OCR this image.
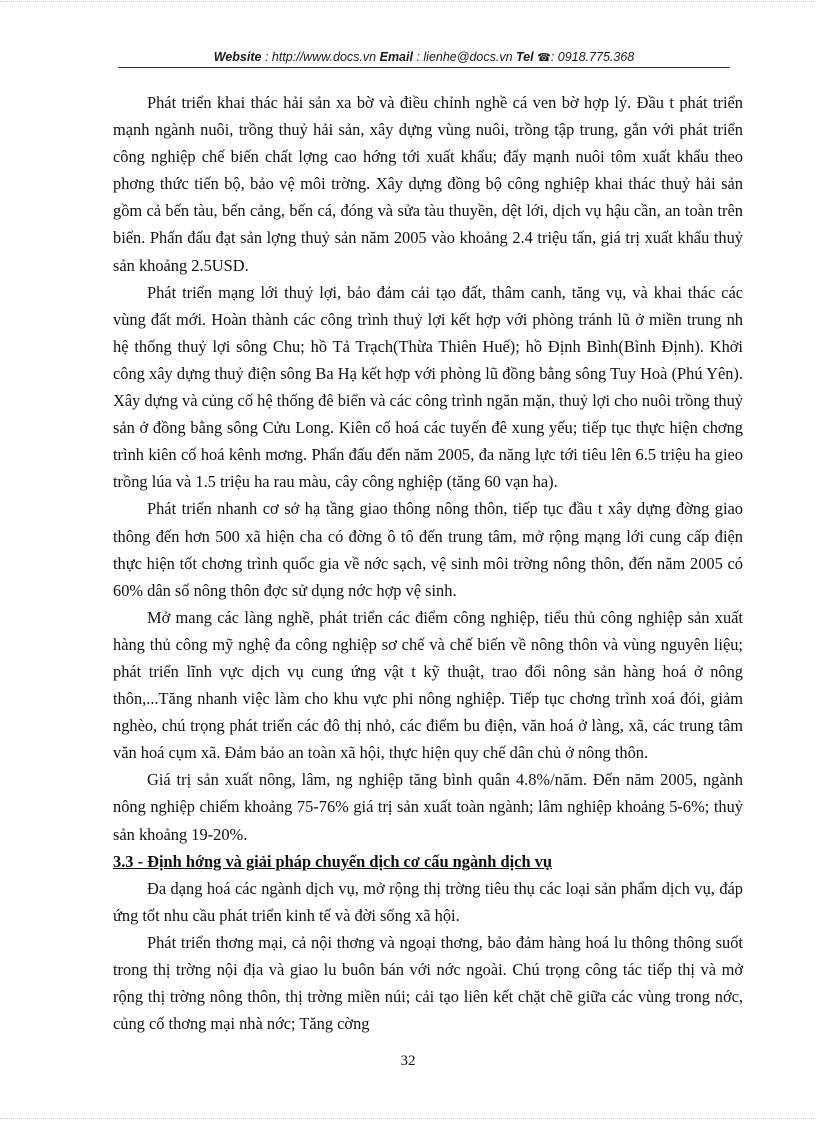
Website : http://www.docs.vn Email : lienhe@docs.vn Tel ☎: 0918.775.368

Phát triển khai thác hải sản xa bờ và điều chỉnh nghề cá ven bờ hợp lý. Đầu t phát triển mạnh ngành nuôi, trồng thuỷ hải sản, xây dựng vùng nuôi, trồng tập trung, gắn với phát triển công nghiệp chế biến chất lợng cao hớng tới xuất khẩu; đẩy mạnh nuôi tôm xuất khẩu theo phơng thức tiến bộ, bảo vệ môi trờng. Xây dựng đồng bộ công nghiệp khai thác thuỷ hải sản gồm cả bến tàu, bến cảng, bến cá, đóng và sửa tàu thuyền, dệt lới, dịch vụ hậu cần, an toàn trên biển. Phấn đấu đạt sản lợng thuỷ sản năm 2005 vào khoảng 2.4 triệu tấn, giá trị xuất khẩu thuỷ sản khoảng 2.5USD.

Phát triển mạng lới thuỷ lợi, bảo đảm cải tạo đất, thâm canh, tăng vụ, và khai thác các vùng đất mới. Hoàn thành các công trình thuỷ lợi kết hợp với phòng tránh lũ ở miền trung nh hệ thống thuỷ lợi sông Chu; hồ Tả Trạch(Thừa Thiên Huế); hồ Định Bình(Bình Định). Khởi công xây dựng thuỷ điện sông Ba Hạ kết hợp với phòng lũ đồng bằng sông Tuy Hoà (Phú Yên). Xây dựng và củng cố hệ thống đê biển và các công trình ngăn mặn, thuỷ lợi cho nuôi trồng thuỷ sản ở đồng bằng sông Cửu Long. Kiên cố hoá các tuyến đê xung yếu; tiếp tục thực hiện chơng trình kiên cố hoá kênh mơng. Phấn đấu đến năm 2005, đa năng lực tới tiêu lên 6.5 triệu ha gieo trồng lúa và 1.5 triệu ha rau màu, cây công nghiệp (tăng 60 vạn ha).

Phát triển nhanh cơ sở hạ tầng giao thông nông thôn, tiếp tục đầu t xây dựng đờng giao thông đến hơn 500 xã hiện cha có đờng ô tô đến trung tâm, mở rộng mạng lới cung cấp điện thực hiện tốt chơng trình quốc gia về nớc sạch, vệ sinh môi trờng nông thôn, đến năm 2005 có 60% dân số nông thôn đợc sử dụng nớc hợp vệ sinh.

Mở mang các làng nghề, phát triển các điểm công nghiệp, tiểu thủ công nghiệp sản xuất hàng thủ công mỹ nghệ đa công nghiệp sơ chế và chế biến về nông thôn và vùng nguyên liệu; phát triển lĩnh vực dịch vụ cung ứng vật t kỹ thuật, trao đổi nông sản hàng hoá ở nông thôn,...Tăng nhanh việc làm cho khu vực phi nông nghiệp. Tiếp tục chơng trình xoá đói, giảm nghèo, chú trọng phát triển các đô thị nhỏ, các điểm bu điện, văn hoá ở làng, xã, các trung tâm văn hoá cụm xã. Đảm bảo an toàn xã hội, thực hiện quy chế dân chủ ở nông thôn.

Giá trị sản xuất nông, lâm, ng nghiệp tăng bình quân 4.8%/năm. Đến năm 2005, ngành nông nghiệp chiếm khoảng 75-76% giá trị sản xuất toàn ngành; lâm nghiệp khoảng 5-6%; thuỷ sản khoảng 19-20%.

3.3 - Định hớng và giải pháp chuyển dịch cơ cấu ngành dịch vụ

Đa dạng hoá các ngành dịch vụ, mở rộng thị trờng tiêu thụ các loại sản phẩm dịch vụ, đáp ứng tốt nhu cầu phát triển kinh tế và đời sống xã hội.

Phát triển thơng mại, cả nội thơng và ngoại thơng, bảo đảm hàng hoá lu thông thông suốt trong thị trờng nội địa và giao lu buôn bán với nớc ngoài. Chú trọng công tác tiếp thị và mở rộng thị trờng nông thôn, thị trờng miền núi; cải tạo liên kết chặt chẽ giữa các vùng trong nớc, củng cố thơng mại nhà nớc; Tăng cờng

32
